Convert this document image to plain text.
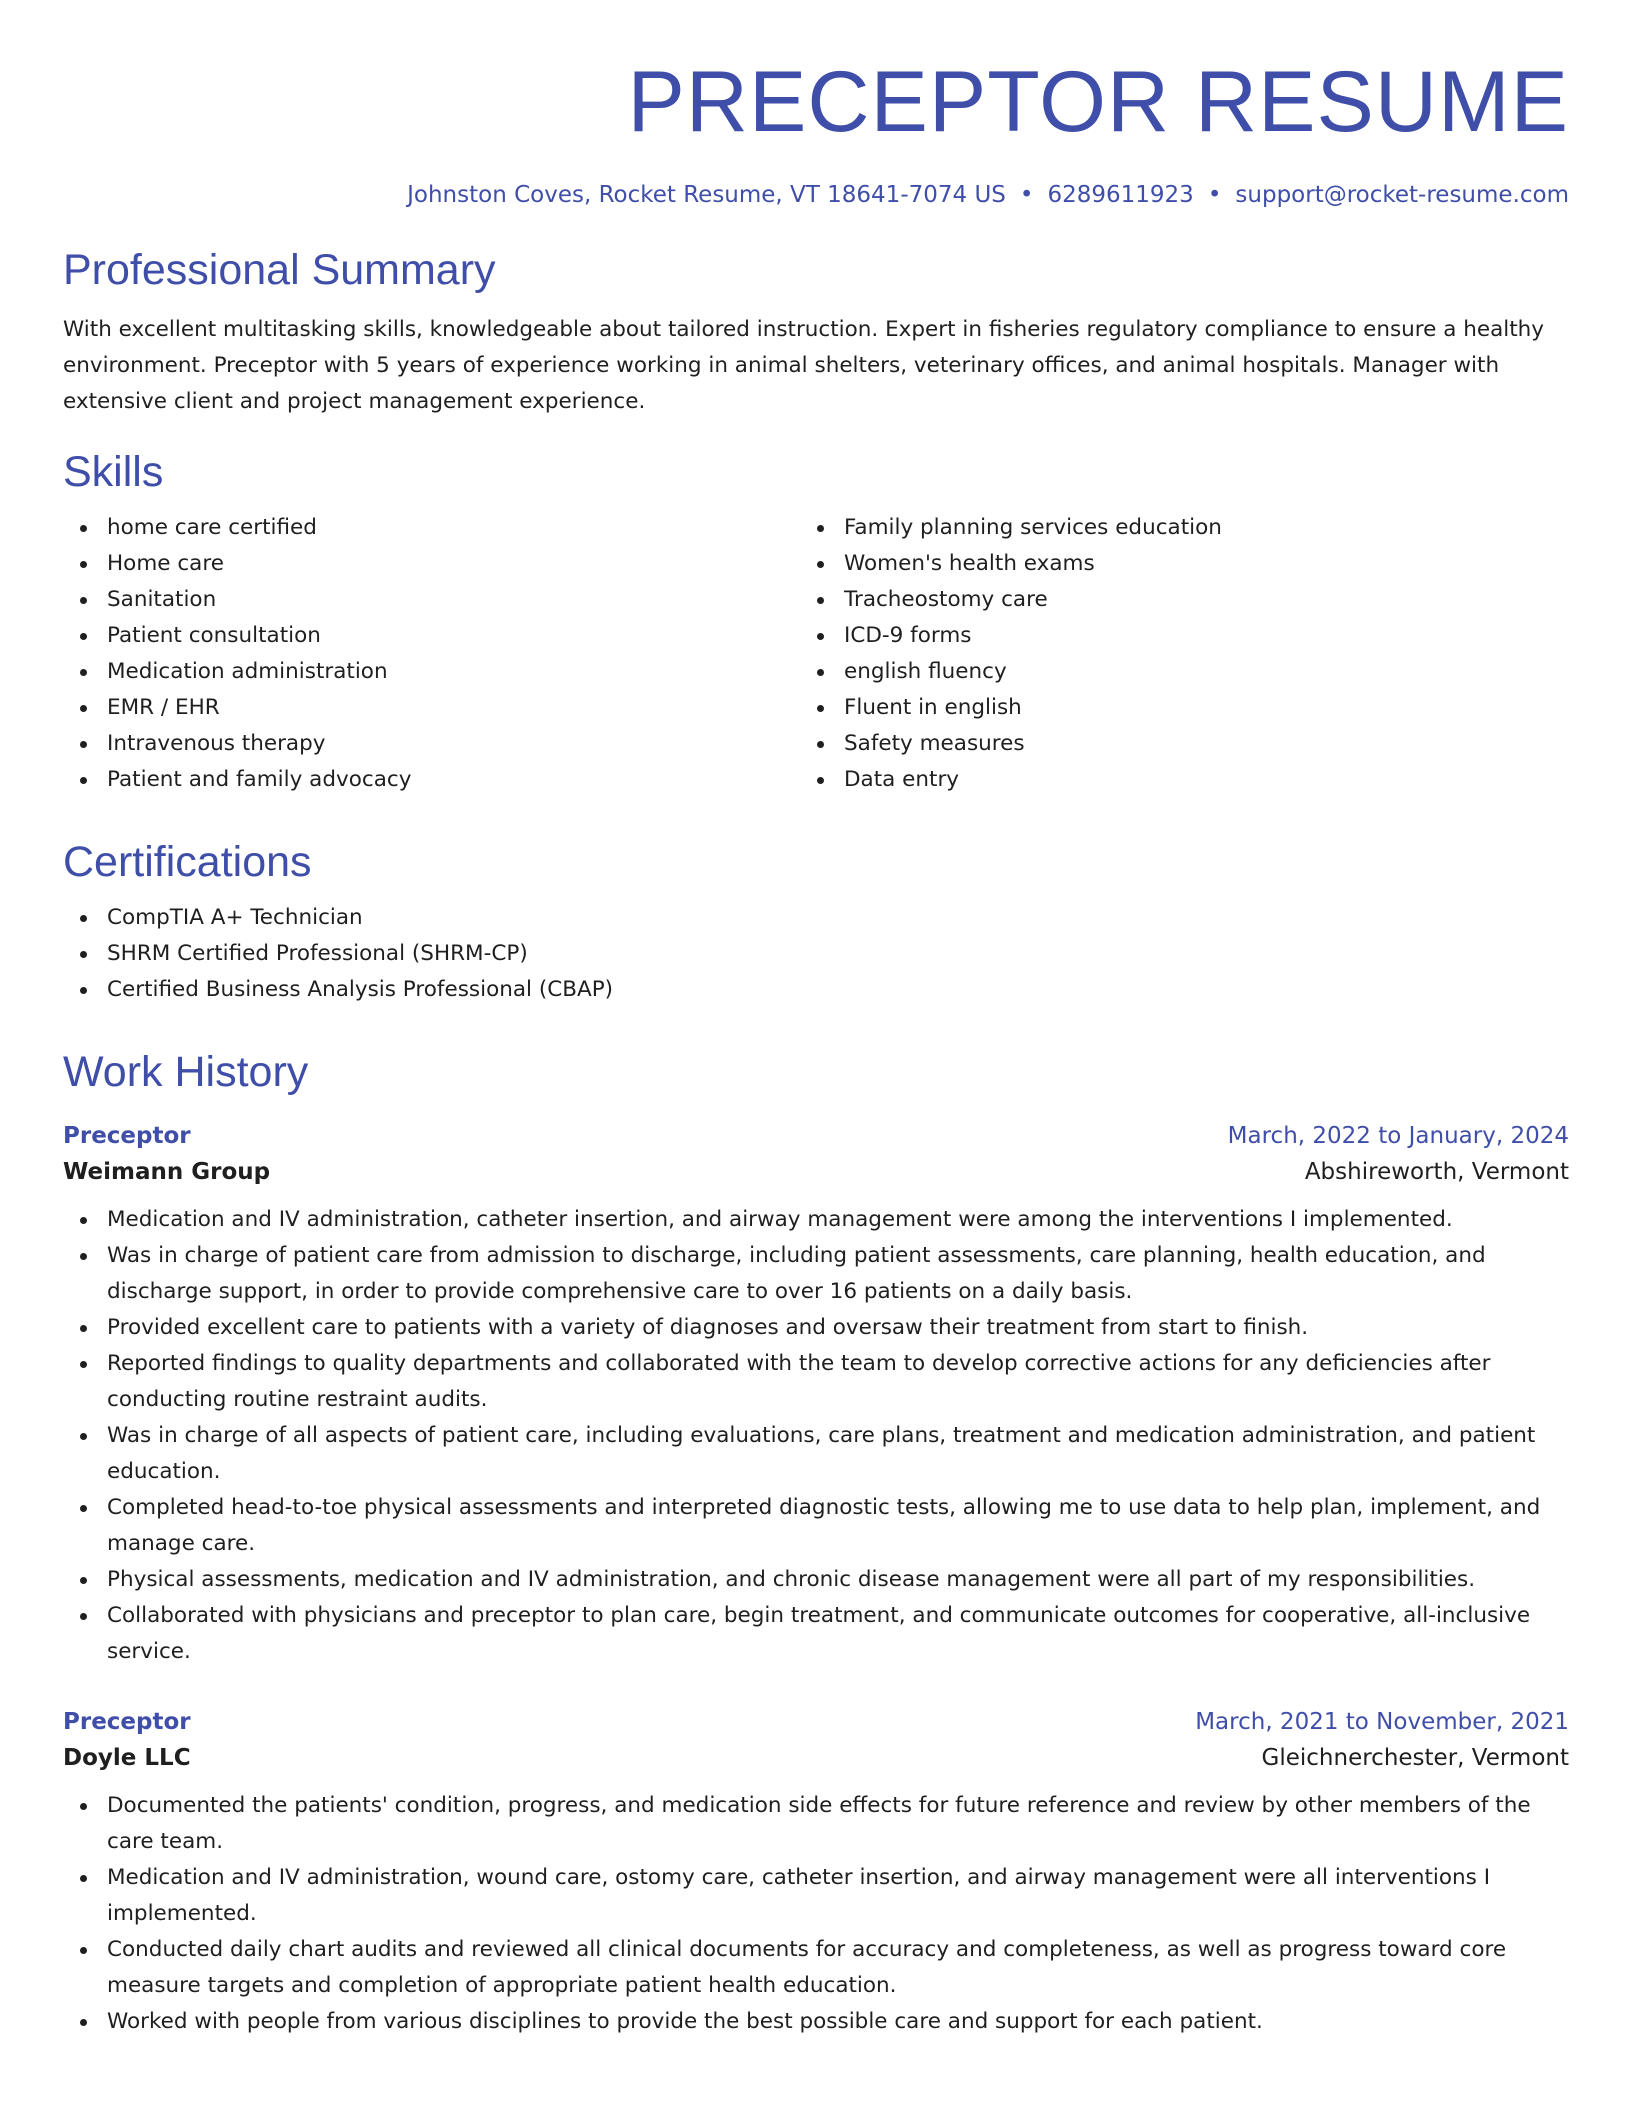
PRECEPTOR RESUME
Johnston Coves, Rocket Resume, VT 18641-7074 US • 6289611923 • support@rocket-resume.com
Professional Summary

With excellent multitasking skills, knowledgeable about tailored instruction. Expert in fisheries regulatory compliance to ensure a healthy environment. Preceptor with 5 years of experience working in animal shelters, veterinary offices, and animal hospitals. Manager with extensive client and project management experience.

Skills
home care certified
Home care
Sanitation
Patient consultation
Medication administration
EMR / EHR
Intravenous therapy
Patient and family advocacy
Family planning services education
Women's health exams
Tracheostomy care
ICD-9 forms
english fluency
Fluent in english
Safety measures
Data entry
Certifications
CompTIA A+ Technician
SHRM Certified Professional (SHRM-CP)
Certified Business Analysis Professional (CBAP)
Work History
Preceptor	March, 2022 to January, 2024
Weimann Group	Abshireworth, Vermont
Medication and IV administration, catheter insertion, and airway management were among the interventions I implemented.
Was in charge of patient care from admission to discharge, including patient assessments, care planning, health education, and discharge support, in order to provide comprehensive care to over 16 patients on a daily basis.
Provided excellent care to patients with a variety of diagnoses and oversaw their treatment from start to finish.
Reported findings to quality departments and collaborated with the team to develop corrective actions for any deficiencies after conducting routine restraint audits.
Was in charge of all aspects of patient care, including evaluations, care plans, treatment and medication administration, and patient education.
Completed head-to-toe physical assessments and interpreted diagnostic tests, allowing me to use data to help plan, implement, and manage care.
Physical assessments, medication and IV administration, and chronic disease management were all part of my responsibilities.
Collaborated with physicians and preceptor to plan care, begin treatment, and communicate outcomes for cooperative, all-inclusive service.
Preceptor	March, 2021 to November, 2021
Doyle LLC	Gleichnerchester, Vermont
Documented the patients' condition, progress, and medication side effects for future reference and review by other members of the care team.
Medication and IV administration, wound care, ostomy care, catheter insertion, and airway management were all interventions I implemented.
Conducted daily chart audits and reviewed all clinical documents for accuracy and completeness, as well as progress toward core measure targets and completion of appropriate patient health education.
Worked with people from various disciplines to provide the best possible care and support for each patient.
